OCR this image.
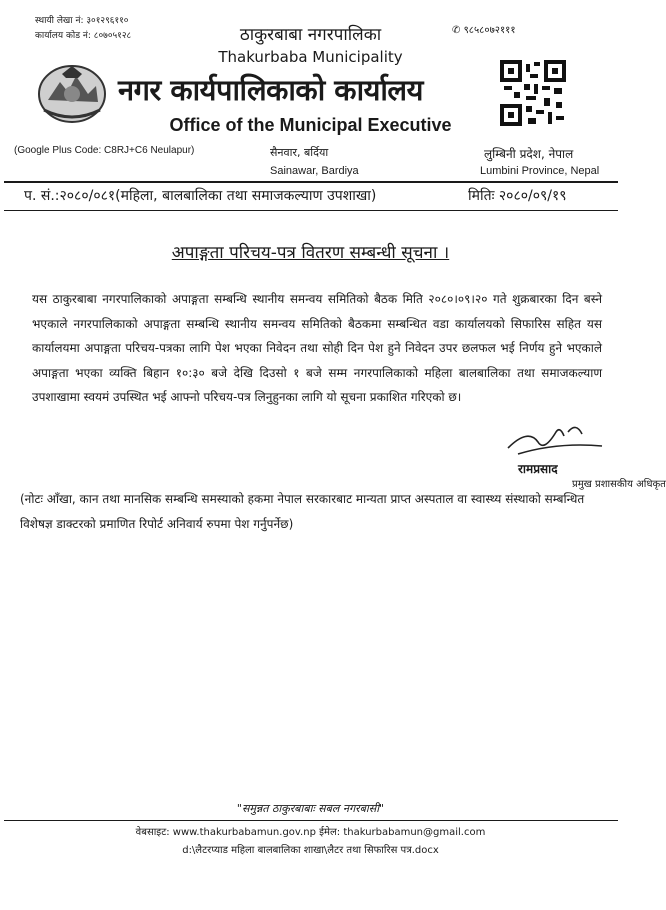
स्थायी लेखा नं: ३०१२९६११०
कार्यालय कोड नं: ८०७०५१२८	✆ ९८५८०७२१११
ठाकुरबाबा नगरपालिका
Thakurbaba Municipality
नगर कार्यपालिकाको कार्यालय
Office of the Municipal Executive
(Google Plus Code: C8RJ+C6 Neulapur)	सैनवार, बर्दिया
Sainawar, Bardiya
लुम्बिनी प्रदेश, नेपाल
Lumbini Province, Nepal
प. सं.:२०८०/०८१(महिला, बालबालिका तथा समाजकल्याण उपशाखा)	मितिः २०८०/०९/१९
अपाङ्गता परिचय-पत्र वितरण सम्बन्धी सूचना ।
यस ठाकुरबाबा नगरपालिकाको अपाङ्गता सम्बन्धि स्थानीय समन्वय समितिको बैठक मिति २०८०।०९।२० गते शुक्रबारका दिन बस्ने भएकाले नगरपालिकाको अपाङ्गता सम्बन्धि स्थानीय समन्वय समितिको बैठकमा सम्बन्धित वडा कार्यालयको सिफारिस सहित यस कार्यालयमा अपाङ्गता परिचय-पत्रका लागि पेश भएका निवेदन तथा सोही दिन पेश हुने निवेदन उपर छलफल भई निर्णय हुने भएकाले अपाङ्गता भएका व्यक्ति बिहान १०:३० बजे देखि दिउसो १ बजे सम्म नगरपालिकाको महिला बालबालिका तथा समाजकल्याण उपशाखामा स्वयमं उपस्थित भई आफ्नो परिचय-पत्र लिनुहुनका लागि यो सूचना प्रकाशित गरिएको छ।
रामप्रसाद
प्रमुख प्रशासकीय अधिकृत
(नोटः आँखा, कान तथा मानसिक सम्बन्धि समस्याको हकमा नेपाल सरकारबाट मान्यता प्राप्त अस्पताल वा स्वास्थ्य संस्थाको सम्बन्धित विशेषज्ञ डाक्टरको प्रमाणित रिपोर्ट अनिवार्य रुपमा पेश गर्नुपर्नेछ)
"समुन्नत ठाकुरबाबाः सबल नगरबासी"
वेबसाइट: www.thakurbabamun.gov.np ईमेल: thakurbabamun@gmail.com
d:\लैटरप्याड महिला बालबालिका शाखा\लैटर तथा सिफारिस पत्र.docx
